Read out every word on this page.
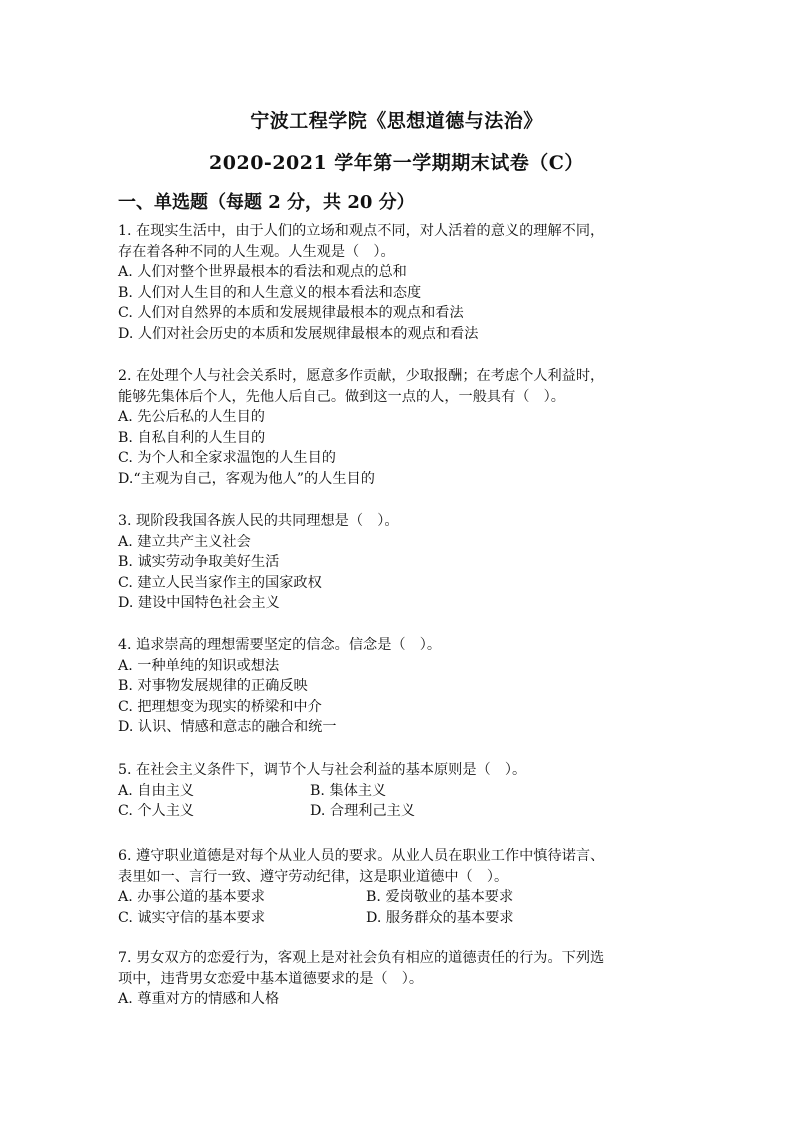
宁波工程学院《思想道德与法治》
2020-2021 学年第一学期期末试卷（C）
一、单选题（每题 2 分，共 20 分）
1. 在现实生活中，由于人们的立场和观点不同，对人活着的意义的理解不同，
存在着各种不同的人生观。人生观是（　）。
A. 人们对整个世界最根本的看法和观点的总和
B. 人们对人生目的和人生意义的根本看法和态度
C. 人们对自然界的本质和发展规律最根本的观点和看法
D. 人们对社会历史的本质和发展规律最根本的观点和看法
2. 在处理个人与社会关系时，愿意多作贡献，少取报酬；在考虑个人利益时，
能够先集体后个人，先他人后自己。做到这一点的人，一般具有（　）。
A. 先公后私的人生目的
B. 自私自利的人生目的
C. 为个人和全家求温饱的人生目的
D.“主观为自己，客观为他人”的人生目的
3. 现阶段我国各族人民的共同理想是（　）。
A. 建立共产主义社会
B. 诚实劳动争取美好生活
C. 建立人民当家作主的国家政权
D. 建设中国特色社会主义
4. 追求崇高的理想需要坚定的信念。信念是（　）。
A. 一种单纯的知识或想法
B. 对事物发展规律的正确反映
C. 把理想变为现实的桥梁和中介
D. 认识、情感和意志的融合和统一
5. 在社会主义条件下，调节个人与社会利益的基本原则是（　）。
A. 自由主义	B. 集体主义
C. 个人主义	D. 合理利己主义
6. 遵守职业道德是对每个从业人员的要求。从业人员在职业工作中慎待诺言、
表里如一、言行一致、遵守劳动纪律，这是职业道德中（　）。
A. 办事公道的基本要求	B. 爱岗敬业的基本要求
C. 诚实守信的基本要求	D. 服务群众的基本要求
7. 男女双方的恋爱行为，客观上是对社会负有相应的道德责任的行为。下列选
项中，违背男女恋爱中基本道德要求的是（　）。
A. 尊重对方的情感和人格
